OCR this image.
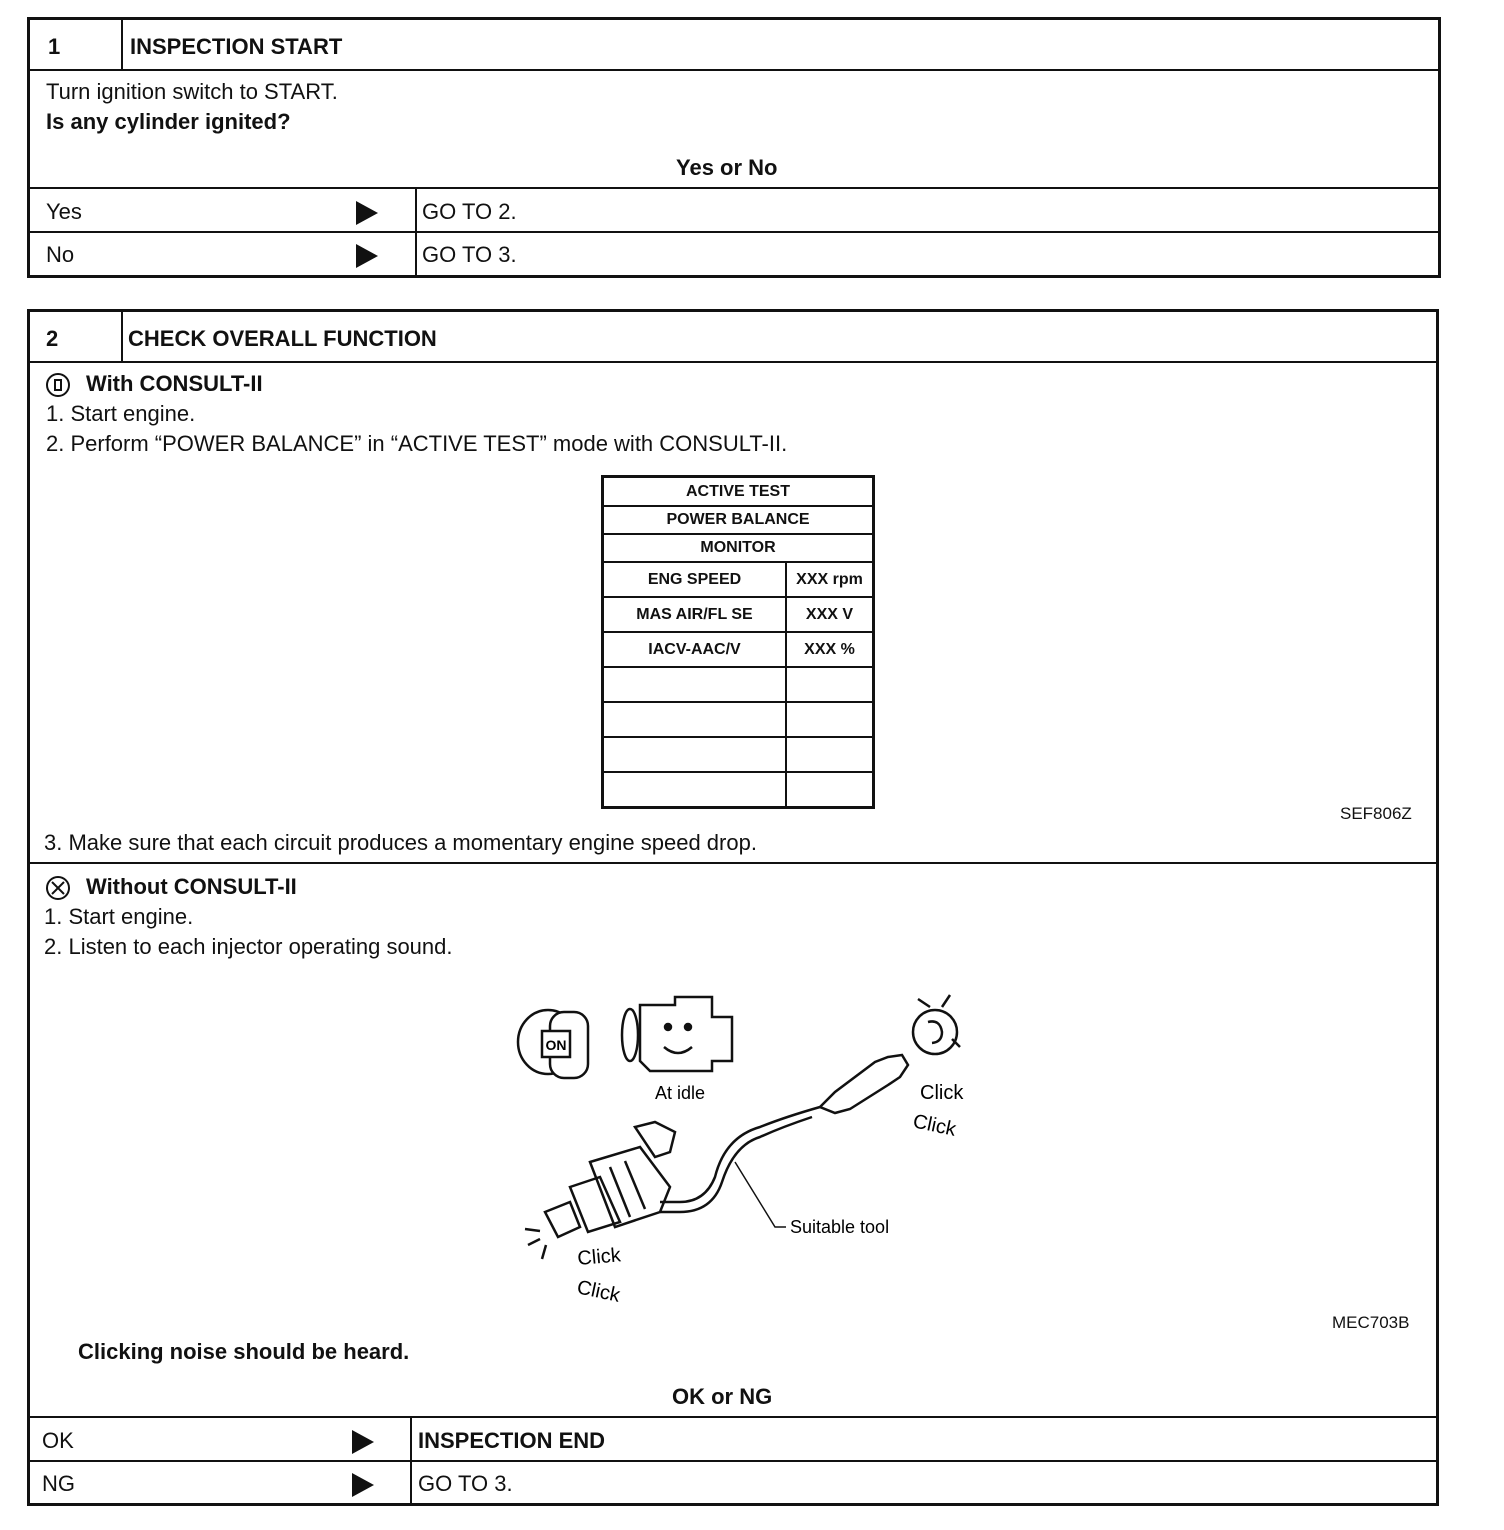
1	INSPECTION START
Turn ignition switch to START.
Is any cylinder ignited?
Yes or No
Yes	GO TO 2.
No	GO TO 3.
2	CHECK OVERALL FUNCTION
With CONSULT-II
1. Start engine.
2. Perform “POWER BALANCE” in “ACTIVE TEST” mode with CONSULT-II.
ACTIVE TEST
POWER BALANCE
MONITOR
ENG SPEED	XXX rpm
MAS AIR/FL SE	XXX V
IACV-AAC/V	XXX %
SEF806Z
3. Make sure that each circuit produces a momentary engine speed drop.
Without CONSULT-II
1. Start engine.
2. Listen to each injector operating sound.
ON
At idle	Click
Click
Click
Click
Suitable tool
MEC703B
Clicking noise should be heard.
OK or NG
OK	INSPECTION END
NG	GO TO 3.
